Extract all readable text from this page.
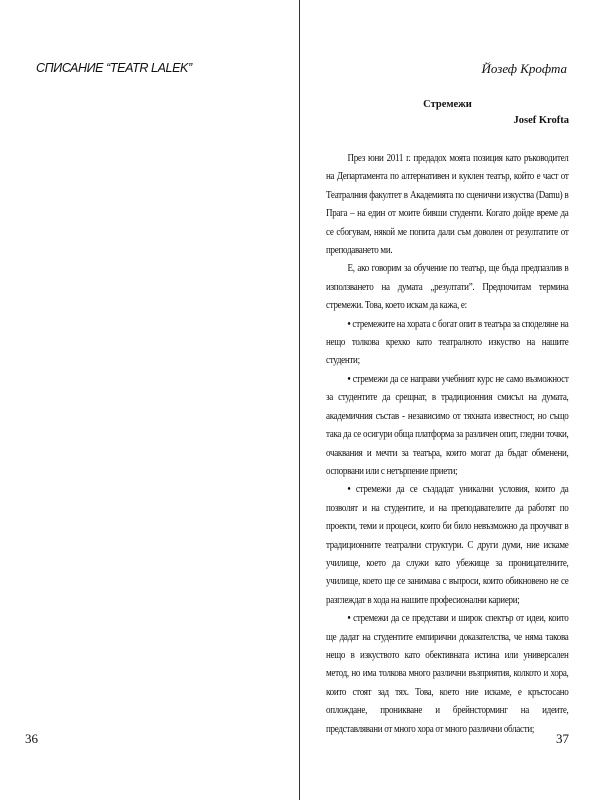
СПИСАНИЕ “TEATR LALEK”
36
Йозеф Крофта

Стремежи

Josef Krofta

През юни 2011 г. предадох моята позиция като ръководител на Департамента по алтернативен и куклен театър, който е част от Театралния факултет в Академията по сценични изкуства (Damu) в Прага – на един от моите бивши студенти. Когато дойде време да се сбогувам, някой ме попита дали съм доволен от резултатите от преподаването ми.

Е, ако говорим за обучение по театър, ще бъда предпазлив в използването на думата „резултати”. Предпочитам термина стремежи. Това, което искам да кажа, е:

• стремежите на хората с богат опит в театъра за споделяне на нещо толкова крехко като театралното изкуство на нашите студенти;

• стремежи да се направи учебният курс не само възможност за студентите да срещнат, в традиционния смисъл на думата, академичния състав - независимо от тяхната известност, но също така да се осигури обща платформа за различен опит, гледни точки, очаквания и мечти за театъра, които могат да бъдат обменени, оспорвани или с нетърпение приети;

• стремежи да се създадат уникални условия, които да позволят и на студентите, и на преподавателите да работят по проекти, теми и процеси, които би било невъзможно да проучват в традиционните театрални структури. С други думи, ние искаме училище, което да служи като убежище за проницателните, училище, което ще се занимава с въпроси, които обикновено не се разглеждат в хода на нашите професионални кариери;

• стремежи да се представи и широк спектър от идеи, които ще дадат на студентите емпирични доказателства, че няма такова нещо в изкуството като обективната истина или универсален метод, но има толкова много различни възприятия, колкото и хора, които стоят зад тях. Това, което ние искаме, е кръстосано оплождане, проникване и брейнсторминг на идеите, представлявани от много хора от много различни области;

37
